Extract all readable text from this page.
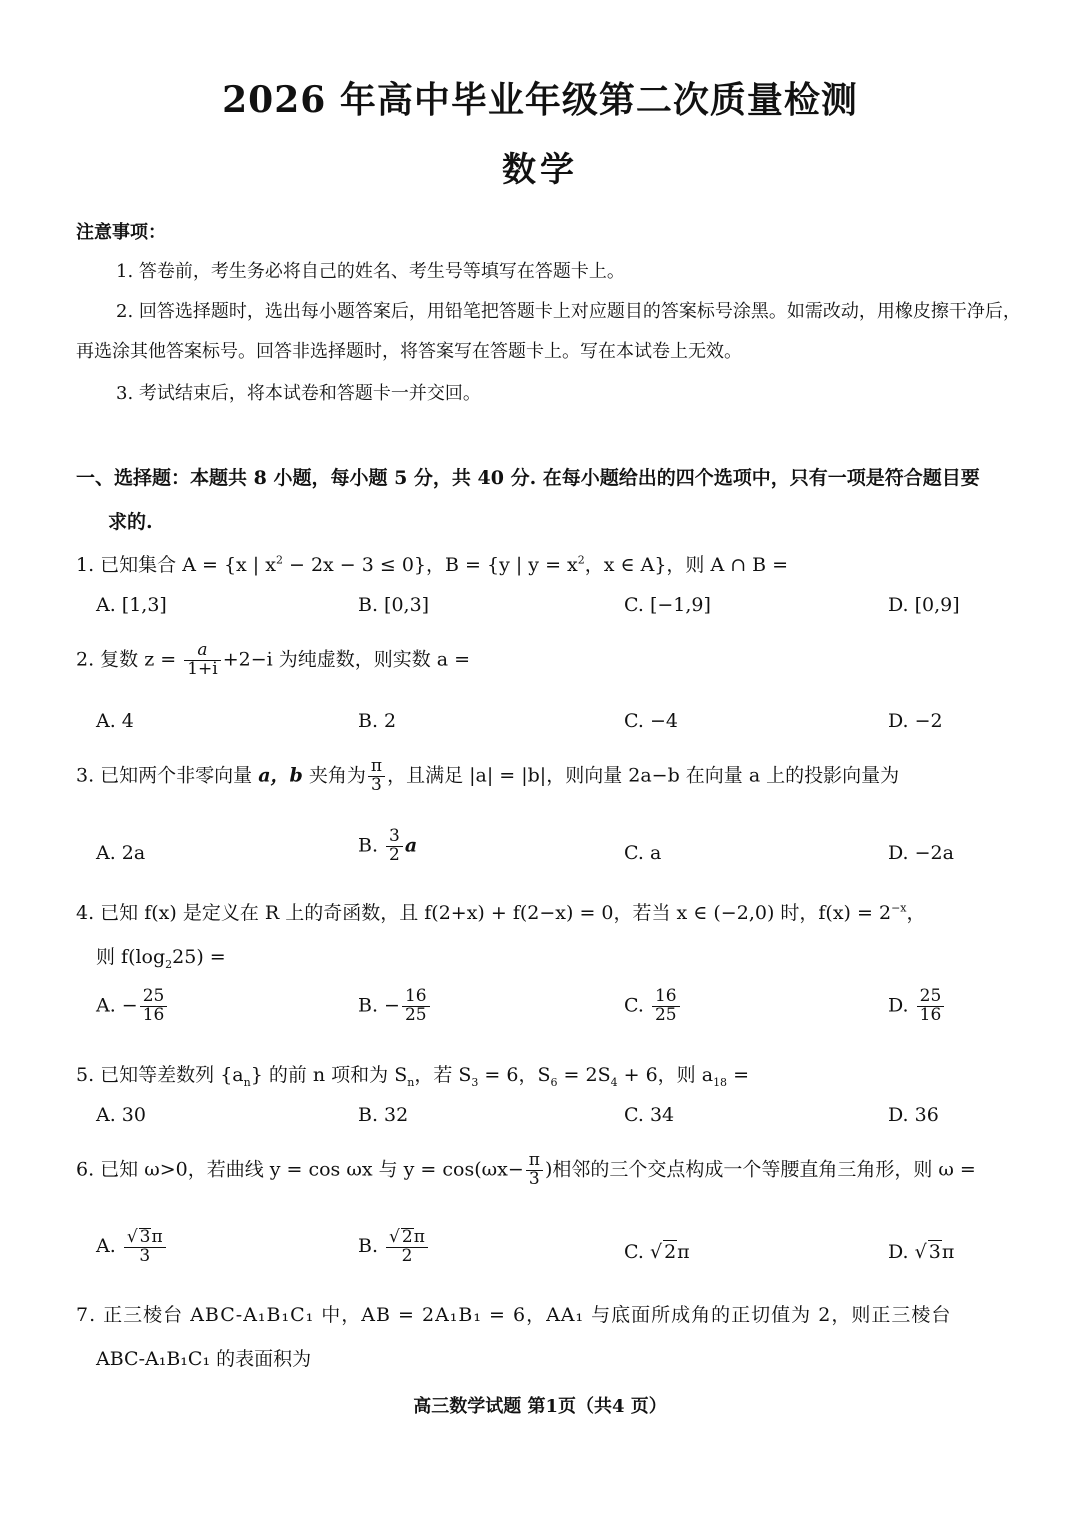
2026 年高中毕业年级第二次质量检测
数学
注意事项：
1. 答卷前，考生务必将自己的姓名、考生号等填写在答题卡上。
2. 回答选择题时，选出每小题答案后，用铅笔把答题卡上对应题目的答案标号涂黑。如需改动，用橡皮擦干净后，再选涂其他答案标号。回答非选择题时，将答案写在答题卡上。写在本试卷上无效。
3. 考试结束后，将本试卷和答题卡一并交回。
一、选择题：本题共 8 小题，每小题 5 分，共 40 分. 在每小题给出的四个选项中，只有一项是符合题目要
求的.
1. 已知集合 A = {x | $x^2 - 2x - 3 \le 0$}，B = {y | $y = x^2$，x ∈ A}，则 A ∩ B =
A. [1,3]	B. [0,3]	C. [−1,9]	D. [0,9]
2. 复数 $z = \frac{a}{1+i} +2-i$ 为纯虚数，则实数 a =
A. 4	B. 2	C. −4	D. −2
3. 已知两个非零向量 a，b 夹角为 $\frac{\pi}{3}$ ，且满足 |a| = |b|，则向量 2a−b 在向量 a 上的投影向量为
A. 2a	B. $\frac{3}{2}$ a	C. a	D. −2a
4. 已知 f(x) 是定义在 R 上的奇函数，且 f(2+x) + f(2−x) = 0，若当 x ∈ (−2,0) 时，$f(x) = 2^{-x}$，
则 $f(\log_225)$ =
A. − $\frac{25}{16}$	B. − $\frac{16}{25}$	C. $\frac{16}{25}$	D. $\frac{25}{16}$
5. 已知等差数列 $\{a_n\}$ 的前 n 项和为 $S_n$，若 $S_3 = 6$，$S_6 = 2S_4 + 6$，则 $a_{18}$ =
A. 30	B. 32	C. 34	D. 36
6. 已知 ω>0，若曲线 y = cos ωx 与 $y = \cos(\omega x- \frac{\pi}{3}$ )相邻的三个交点构成一个等腰直角三角形，则 ω =
A. $\frac{√ 3\pi}{3}$	B. $\frac{√ 2\pi}{2}$	C. √ 2π	D. √ 3π
7. 正三棱台 ABC-A₁B₁C₁ 中，AB = 2A₁B₁ = 6，AA₁ 与底面所成角的正切值为 2，则正三棱台
ABC-A₁B₁C₁ 的表面积为
高三数学试题 第1页（共4 页）
